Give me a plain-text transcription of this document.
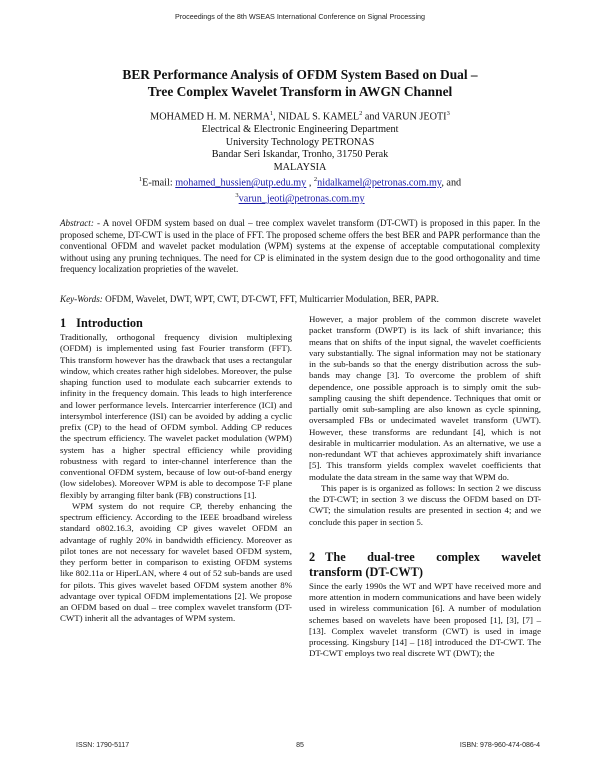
Proceedings of the 8th WSEAS International Conference on Signal Processing
BER Performance Analysis of OFDM System Based on Dual –
Tree Complex Wavelet Transform in AWGN Channel
MOHAMED H. M. NERMA$^1$, NIDAL S. KAMEL$^2$ and VARUN JEOTI$^3$
Electrical & Electronic Engineering Department
University Technology PETRONAS
Bandar Seri Iskandar, Tronho, 31750 Perak
MALAYSIA
$^1$E-mail: mohamed_hussien@utp.edu.my , $^2$nidalkamel@petronas.com.my, and
$^3$varun_jeoti@petronas.com.my
Abstract: - A novel OFDM system based on dual – tree complex wavelet transform (DT-CWT) is proposed in this paper. In the proposed scheme, DT-CWT is used in the place of FFT. The proposed scheme offers the best BER and PAPR performance than the conventional OFDM and wavelet packet modulation (WPM) systems at the expense of acceptable computational complexity without using any pruning techniques. The need for CP is eliminated in the system design due to the good orthogonality and time frequency localization proprieties of the wavelet.
Key-Words: OFDM, Wavelet, DWT, WPT, CWT, DT-CWT, FFT, Multicarrier Modulation, BER, PAPR.
1 Introduction

Traditionally, orthogonal frequency division multiplexing (OFDM) is implemented using fast Fourier transform (FFT). This transform however has the drawback that uses a rectangular window, which creates rather high sidelobes. Moreover, the pulse shaping function used to modulate each subcarrier extends to infinity in the frequency domain. This leads to high interference and lower performance levels. Intercarrier interference (ICI) and intersymbol interference (ISI) can be avoided by adding a cyclic prefix (CP) to the head of OFDM symbol. Adding CP reduces the spectrum efficiency. The wavelet packet modulation (WPM) system has a higher spectral efficiency while providing robustness with regard to inter-channel interference than the conventional OFDM system, because of low out-of-band energy (low sidelobes). Moreover WPM is able to decompose T-F plane flexibly by arranging filter bank (FB) constructions [1].

WPM system do not require CP, thereby enhancing the spectrum efficiency. According to the IEEE broadband wireless standard o802.16.3, avoiding CP gives wavelet OFDM an advantage of rughly 20% in bandwidth efficiency. Moreover as pilot tones are not necessary for wavelet based OFDM system, they perform better in comparison to existing OFDM systems like 802.11a or HiperLAN, where 4 out of 52 sub-bands are used for pilots. This gives wavelet based OFDM system another 8% advantage over typical OFDM implementations [2]. We propose an OFDM based on dual – tree complex wavelet transform (DT-CWT) inherit all the advantages of WPM system.

However, a major problem of the common discrete wavelet packet transform (DWPT) is its lack of shift invariance; this means that on shifts of the input signal, the wavelet coefficients vary substantially. The signal information may not be stationary in the sub-bands so that the energy distribution across the sub-bands may change [3]. To overcome the problem of shift dependence, one possible approach is to simply omit the sub-sampling causing the shift dependence. Techniques that omit or partially omit sub-sampling are also known as cycle spinning, oversampled FBs or undecimated wavelet transform (UWT). However, these transforms are redundant [4], which is not desirable in multicarrier modulation. As an alternative, we use a non-redundant WT that achieves approximately shift invariance [5]. This transform yields complex wavelet coefficients that modulate the data stream in the same way that WPM do.

This paper is is organized as follows: In section 2 we discuss the DT-CWT; in section 3 we discuss the OFDM based on DT-CWT; the simulation results are presented in section 4; and we conclude this paper in section 5.

2 The dual-tree complex wavelet transform (DT-CWT)

Since the early 1990s the WT and WPT have received more and more attention in modern communications and have been widely used in wireless communication [6]. A number of modulation schemes based on wavelets have been proposed [1], [3], [7] – [13]. Complex wavelet transform (CWT) is used in image processing. Kingsbury [14] – [18] introduced the DT-CWT. The DT-CWT employs two real discrete WT (DWT); the

ISSN: 1790-5117	85	ISBN: 978-960-474-086-4
